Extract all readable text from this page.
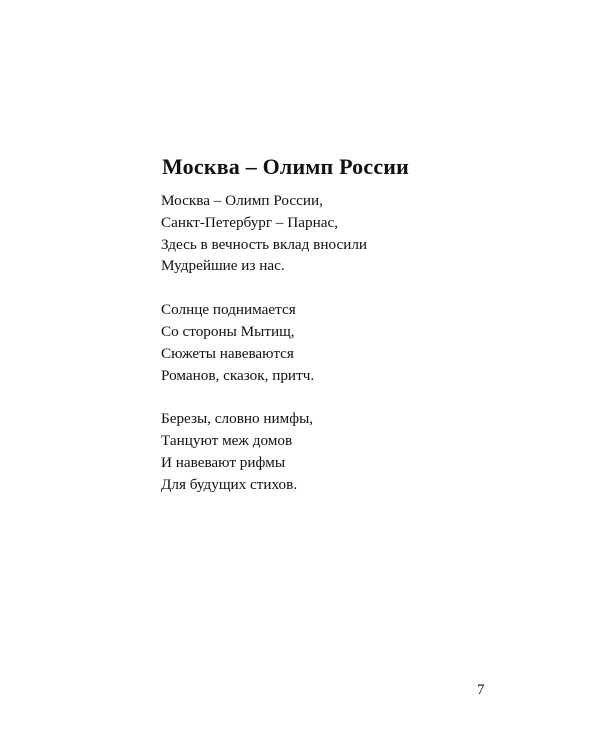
Москва – Олимп России
Москва – Олимп России,
Санкт-Петербург – Парнас,
Здесь в вечность вклад вносили
Мудрейшие из нас.
Солнце поднимается
Со стороны Мытищ,
Сюжеты навеваются
Романов, сказок, притч.
Березы, словно нимфы,
Танцуют меж домов
И навевают рифмы
Для будущих стихов.
7
